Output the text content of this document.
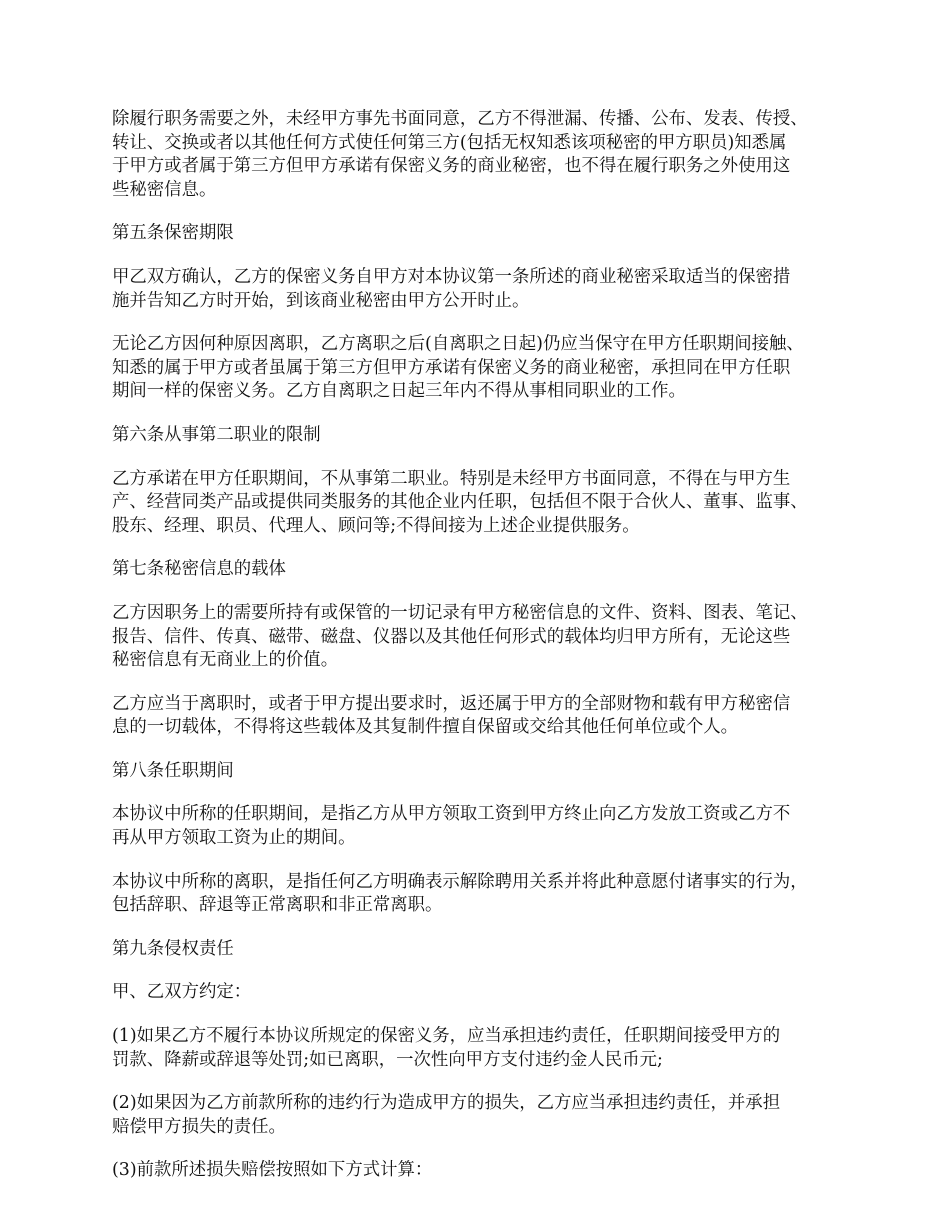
除履行职务需要之外，未经甲方事先书面同意，乙方不得泄漏、传播、公布、发表、传授、
转让、交换或者以其他任何方式使任何第三方(包括无权知悉该项秘密的甲方职员)知悉属
于甲方或者属于第三方但甲方承诺有保密义务的商业秘密，也不得在履行职务之外使用这
些秘密信息。

第五条保密期限

甲乙双方确认，乙方的保密义务自甲方对本协议第一条所述的商业秘密采取适当的保密措
施并告知乙方时开始，到该商业秘密由甲方公开时止。

无论乙方因何种原因离职，乙方离职之后(自离职之日起)仍应当保守在甲方任职期间接触、
知悉的属于甲方或者虽属于第三方但甲方承诺有保密义务的商业秘密，承担同在甲方任职
期间一样的保密义务。乙方自离职之日起三年内不得从事相同职业的工作。

第六条从事第二职业的限制

乙方承诺在甲方任职期间，不从事第二职业。特别是未经甲方书面同意，不得在与甲方生
产、经营同类产品或提供同类服务的其他企业内任职，包括但不限于合伙人、董事、监事、
股东、经理、职员、代理人、顾问等;不得间接为上述企业提供服务。

第七条秘密信息的载体

乙方因职务上的需要所持有或保管的一切记录有甲方秘密信息的文件、资料、图表、笔记、
报告、信件、传真、磁带、磁盘、仪器以及其他任何形式的载体均归甲方所有，无论这些
秘密信息有无商业上的价值。

乙方应当于离职时，或者于甲方提出要求时，返还属于甲方的全部财物和载有甲方秘密信
息的一切载体，不得将这些载体及其复制件擅自保留或交给其他任何单位或个人。

第八条任职期间

本协议中所称的任职期间，是指乙方从甲方领取工资到甲方终止向乙方发放工资或乙方不
再从甲方领取工资为止的期间。

本协议中所称的离职，是指任何乙方明确表示解除聘用关系并将此种意愿付诸事实的行为，
包括辞职、辞退等正常离职和非正常离职。

第九条侵权责任

甲、乙双方约定：

(1)如果乙方不履行本协议所规定的保密义务，应当承担违约责任，任职期间接受甲方的
罚款、降薪或辞退等处罚;如已离职，一次性向甲方支付违约金人民币元;

(2)如果因为乙方前款所称的违约行为造成甲方的损失，乙方应当承担违约责任，并承担
赔偿甲方损失的责任。

(3)前款所述损失赔偿按照如下方式计算：
